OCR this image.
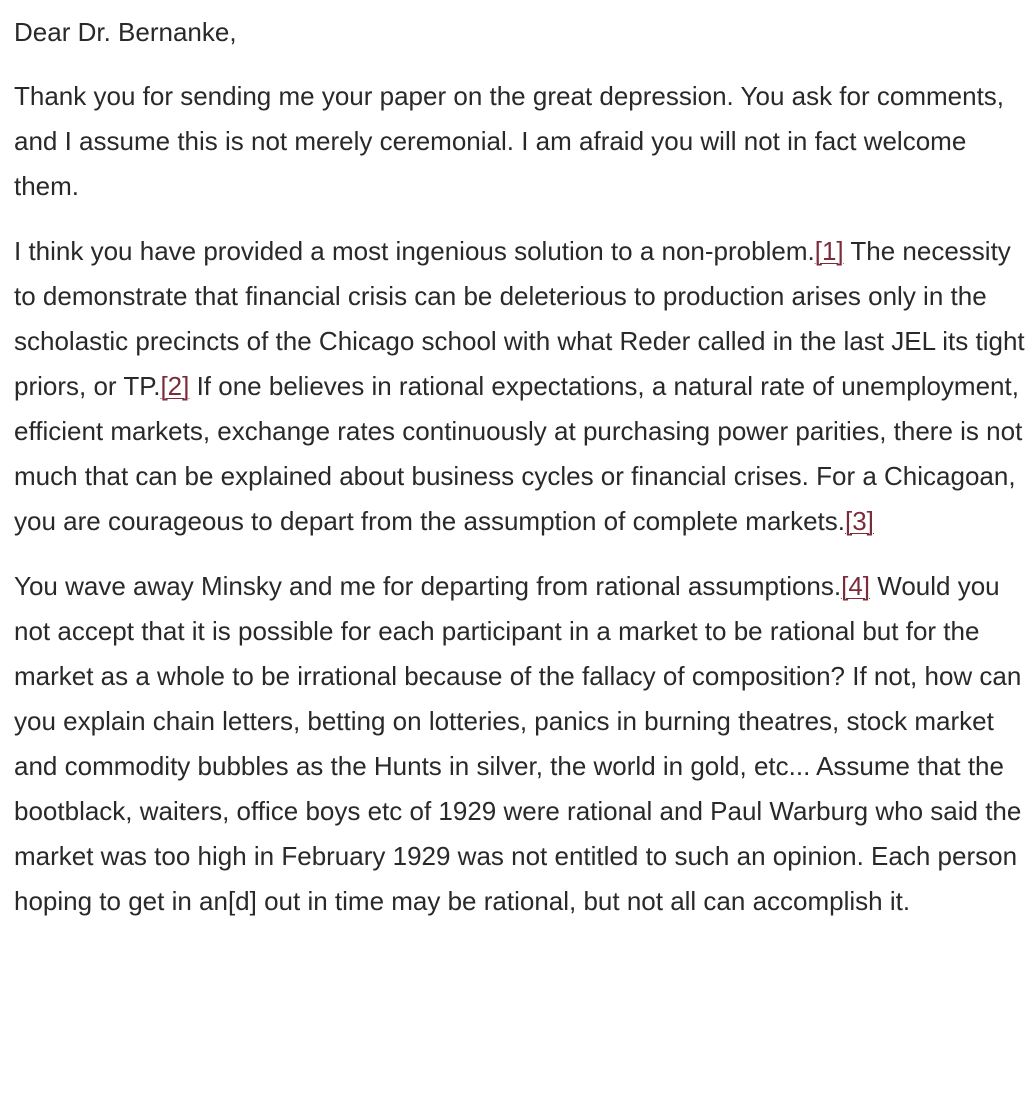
Dear Dr. Bernanke,

Thank you for sending me your paper on the great depression. You ask for comments, and I assume this is not merely ceremonial. I am afraid you will not in fact welcome them.

I think you have provided a most ingenious solution to a non-problem.[1] The necessity to demonstrate that financial crisis can be deleterious to production arises only in the scholastic precincts of the Chicago school with what Reder called in the last JEL its tight priors, or TP.[2] If one believes in rational expectations, a natural rate of unemployment, efficient markets, exchange rates continuously at purchasing power parities, there is not much that can be explained about business cycles or financial crises. For a Chicagoan, you are courageous to depart from the assumption of complete markets.[3]

You wave away Minsky and me for departing from rational assumptions.[4] Would you not accept that it is possible for each participant in a market to be rational but for the market as a whole to be irrational because of the fallacy of composition? If not, how can you explain chain letters, betting on lotteries, panics in burning theatres, stock market and commodity bubbles as the Hunts in silver, the world in gold, etc... Assume that the bootblack, waiters, office boys etc of 1929 were rational and Paul Warburg who said the market was too high in February 1929 was not entitled to such an opinion. Each person hoping to get in an[d] out in time may be rational, but not all can accomplish it.
